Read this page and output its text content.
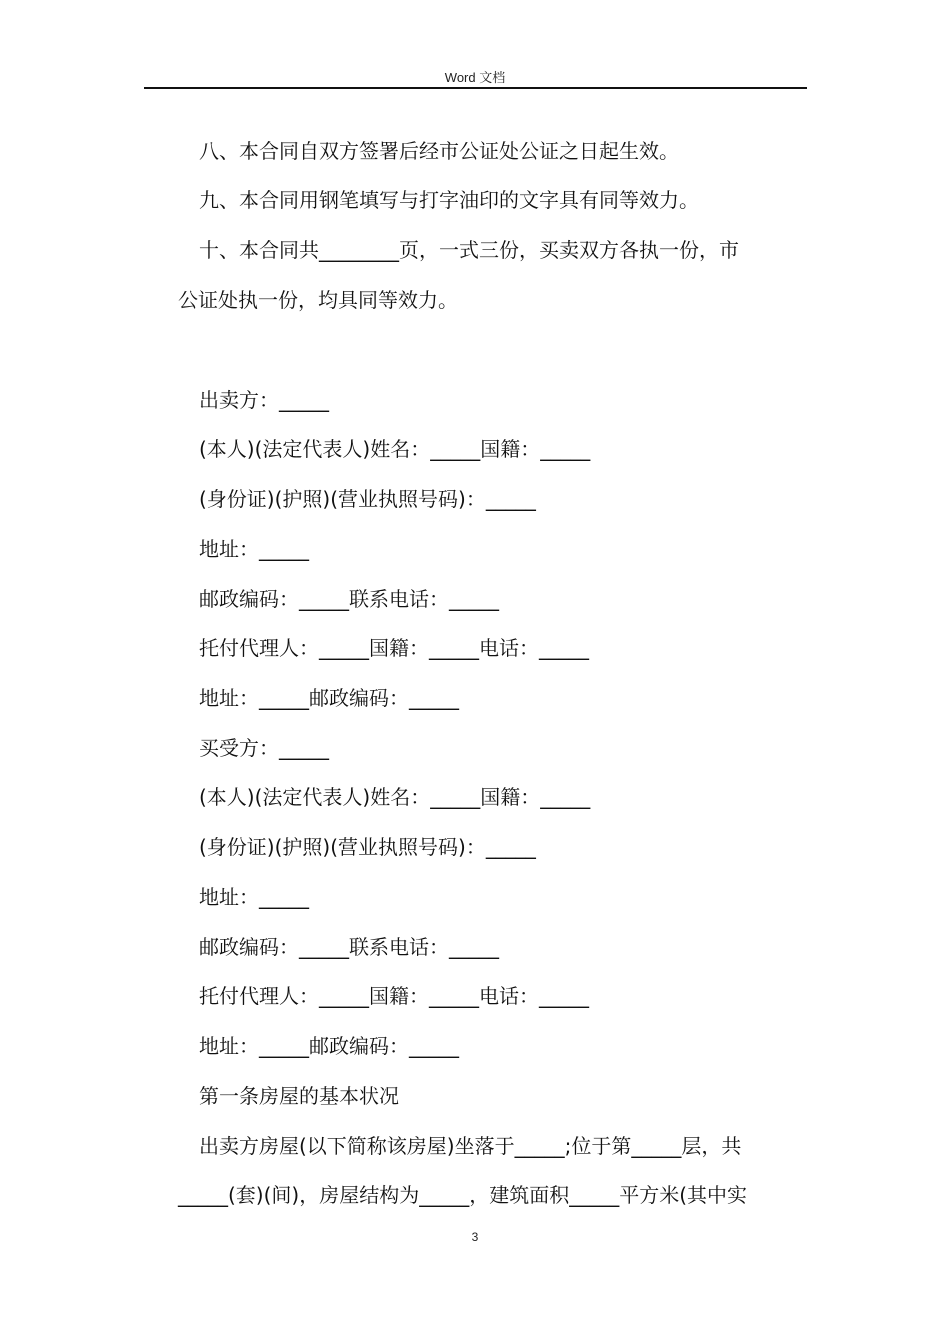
Word 文档
八、本合同自双方签署后经市公证处公证之日起生效。
九、本合同用钢笔填写与打字油印的文字具有同等效力。
十、本合同共________页，一式三份，买卖双方各执一份，市
公证处执一份，均具同等效力。
出卖方：_____
(本人)(法定代表人)姓名：_____国籍：_____
(身份证)(护照)(营业执照号码)：_____
地址：_____
邮政编码：_____联系电话：_____
托付代理人：_____国籍：_____电话：_____
地址：_____邮政编码：_____
买受方：_____
(本人)(法定代表人)姓名：_____国籍：_____
(身份证)(护照)(营业执照号码)：_____
地址：_____
邮政编码：_____联系电话：_____
托付代理人：_____国籍：_____电话：_____
地址：_____邮政编码：_____
第一条房屋的基本状况
出卖方房屋(以下简称该房屋)坐落于_____;位于第_____层，共
_____(套)(间)，房屋结构为_____，建筑面积_____平方米(其中实
3
